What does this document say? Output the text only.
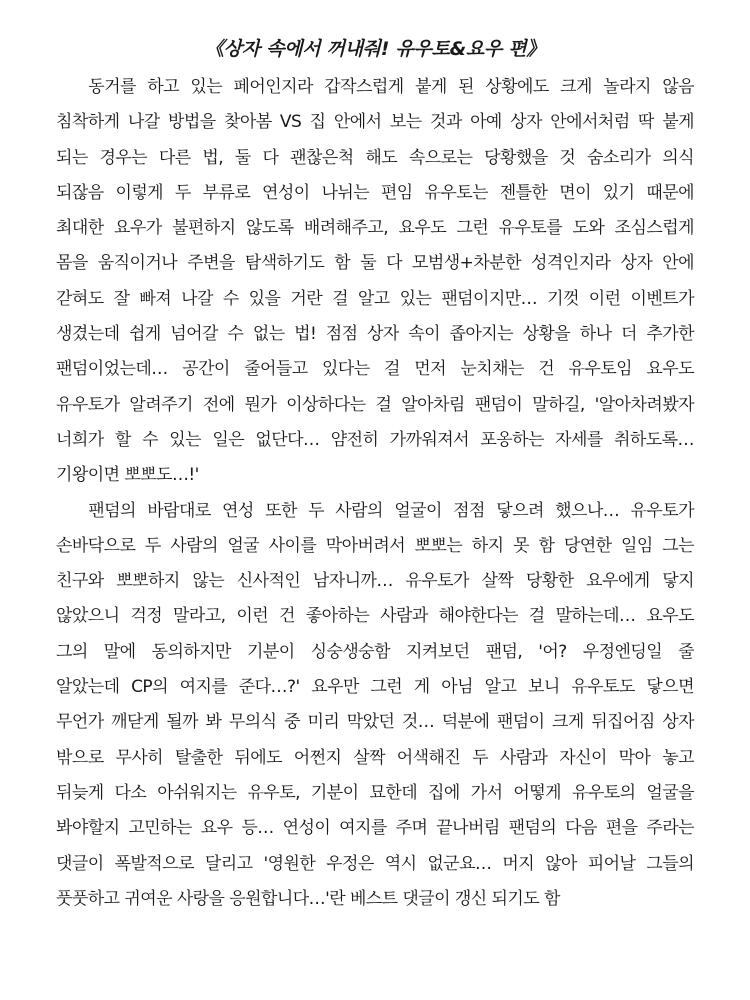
《상자 속에서 꺼내줘! 유우토&요우 편》

동거를 하고 있는 페어인지라 갑작스럽게 붙게 된 상황에도 크게 놀라지 않음
침착하게 나갈 방법을 찾아봄 VS 집 안에서 보는 것과 아예 상자 안에서처럼 딱 붙게
되는 경우는 다른 법, 둘 다 괜찮은척 해도 속으로는 당황했을 것 숨소리가 의식
되잖음 이렇게 두 부류로 연성이 나뉘는 편임 유우토는 젠틀한 면이 있기 때문에
최대한 요우가 불편하지 않도록 배려해주고, 요우도 그런 유우토를 도와 조심스럽게
몸을 움직이거나 주변을 탐색하기도 함 둘 다 모범생+차분한 성격인지라 상자 안에
갇혀도 잘 빠져 나갈 수 있을 거란 걸 알고 있는 팬덤이지만… 기껏 이런 이벤트가
생겼는데 쉽게 넘어갈 수 없는 법! 점점 상자 속이 좁아지는 상황을 하나 더 추가한
팬덤이었는데… 공간이 줄어들고 있다는 걸 먼저 눈치채는 건 유우토임 요우도
유우토가 알려주기 전에 뭔가 이상하다는 걸 알아차림 팬덤이 말하길, '알아차려봤자
너희가 할 수 있는 일은 없단다… 얌전히 가까워져서 포옹하는 자세를 취하도록…
기왕이면 뽀뽀도…!'

팬덤의 바람대로 연성 또한 두 사람의 얼굴이 점점 닿으려 했으나… 유우토가
손바닥으로 두 사람의 얼굴 사이를 막아버려서 뽀뽀는 하지 못 함 당연한 일임 그는
친구와 뽀뽀하지 않는 신사적인 남자니까… 유우토가 살짝 당황한 요우에게 닿지
않았으니 걱정 말라고, 이런 건 좋아하는 사람과 해야한다는 걸 말하는데… 요우도
그의 말에 동의하지만 기분이 싱숭생숭함 지켜보던 팬덤, '어? 우정엔딩일 줄
알았는데 CP의 여지를 준다…?' 요우만 그런 게 아님 알고 보니 유우토도 닿으면
무언가 깨닫게 될까 봐 무의식 중 미리 막았던 것… 덕분에 팬덤이 크게 뒤집어짐 상자
밖으로 무사히 탈출한 뒤에도 어쩐지 살짝 어색해진 두 사람과 자신이 막아 놓고
뒤늦게 다소 아쉬워지는 유우토, 기분이 묘한데 집에 가서 어떻게 유우토의 얼굴을
봐야할지 고민하는 요우 등… 연성이 여지를 주며 끝나버림 팬덤의 다음 편을 주라는
댓글이 폭발적으로 달리고 '영원한 우정은 역시 없군요… 머지 않아 피어날 그들의
풋풋하고 귀여운 사랑을 응원합니다…'란 베스트 댓글이 갱신 되기도 함
